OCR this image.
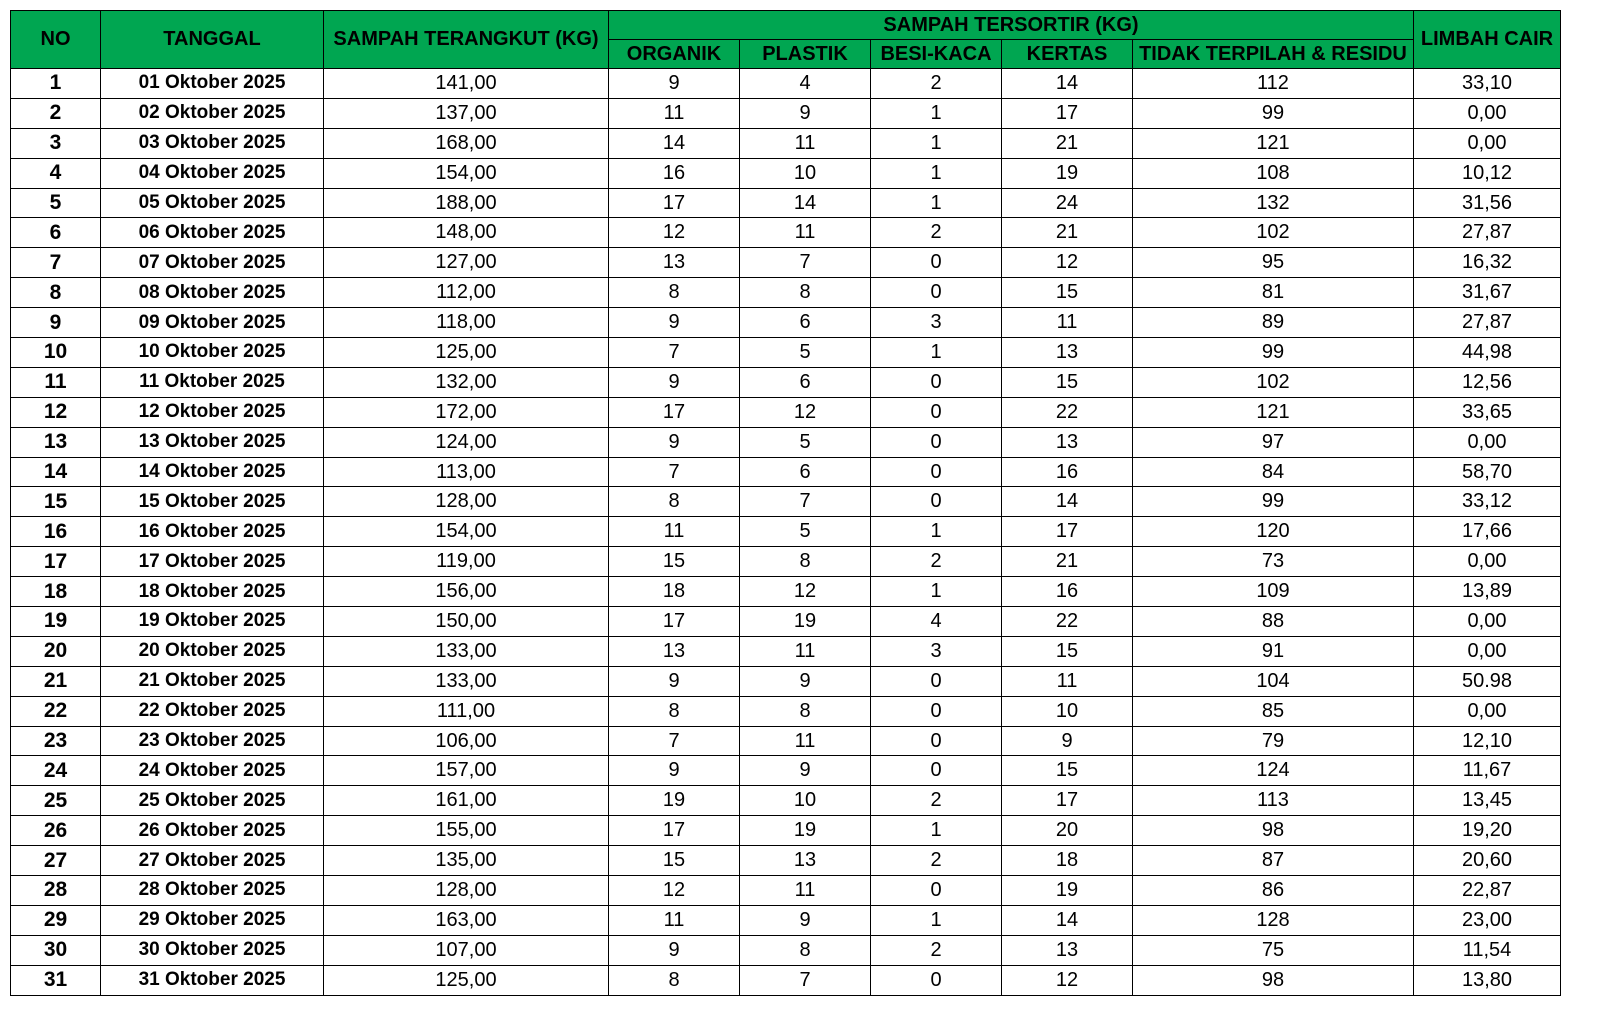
NO	TANGGAL	SAMPAH TERANGKUT (KG)	SAMPAH TERSORTIR (KG)					LIMBAH CAIR
			ORGANIK	PLASTIK	BESI-KACA	KERTAS	TIDAK TERPILAH & RESIDU	
1	01 Oktober 2025	141,00	9	4	2	14	112	33,10
2	02 Oktober 2025	137,00	11	9	1	17	99	0,00
3	03 Oktober 2025	168,00	14	11	1	21	121	0,00
4	04 Oktober 2025	154,00	16	10	1	19	108	10,12
5	05 Oktober 2025	188,00	17	14	1	24	132	31,56
6	06 Oktober 2025	148,00	12	11	2	21	102	27,87
7	07 Oktober 2025	127,00	13	7	0	12	95	16,32
8	08 Oktober 2025	112,00	8	8	0	15	81	31,67
9	09 Oktober 2025	118,00	9	6	3	11	89	27,87
10	10 Oktober 2025	125,00	7	5	1	13	99	44,98
11	11 Oktober 2025	132,00	9	6	0	15	102	12,56
12	12 Oktober 2025	172,00	17	12	0	22	121	33,65
13	13 Oktober 2025	124,00	9	5	0	13	97	0,00
14	14 Oktober 2025	113,00	7	6	0	16	84	58,70
15	15 Oktober 2025	128,00	8	7	0	14	99	33,12
16	16 Oktober 2025	154,00	11	5	1	17	120	17,66
17	17 Oktober 2025	119,00	15	8	2	21	73	0,00
18	18 Oktober 2025	156,00	18	12	1	16	109	13,89
19	19 Oktober 2025	150,00	17	19	4	22	88	0,00
20	20 Oktober 2025	133,00	13	11	3	15	91	0,00
21	21 Oktober 2025	133,00	9	9	0	11	104	50.98
22	22 Oktober 2025	111,00	8	8	0	10	85	0,00
23	23 Oktober 2025	106,00	7	11	0	9	79	12,10
24	24 Oktober 2025	157,00	9	9	0	15	124	11,67
25	25 Oktober 2025	161,00	19	10	2	17	113	13,45
26	26 Oktober 2025	155,00	17	19	1	20	98	19,20
27	27 Oktober 2025	135,00	15	13	2	18	87	20,60
28	28 Oktober 2025	128,00	12	11	0	19	86	22,87
29	29 Oktober 2025	163,00	11	9	1	14	128	23,00
30	30 Oktober 2025	107,00	9	8	2	13	75	11,54
31	31 Oktober 2025	125,00	8	7	0	12	98	13,80
